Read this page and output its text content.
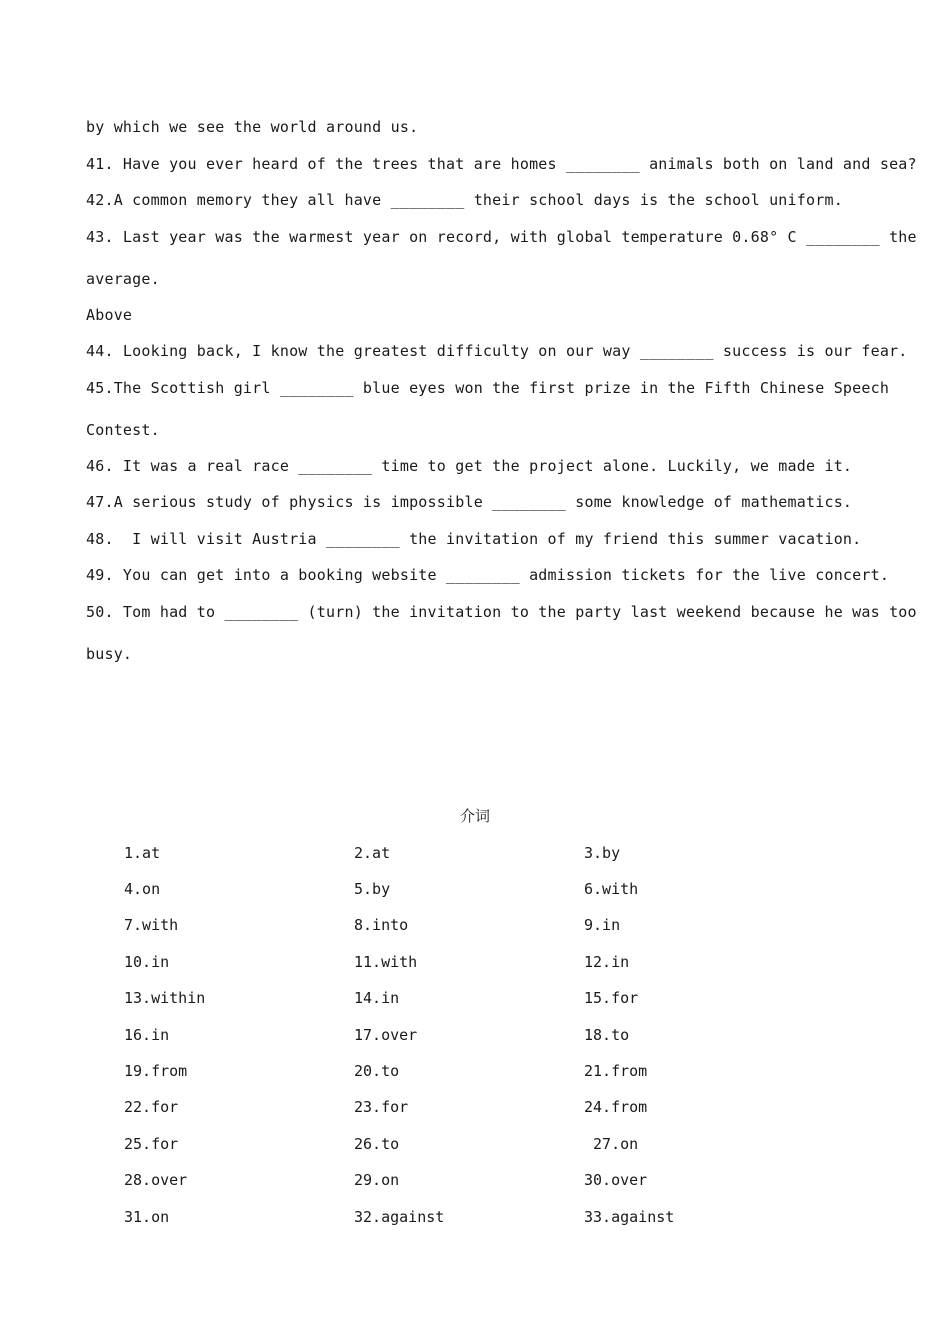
by which we see the world around us.
41. Have you ever heard of the trees that are homes ________ animals both on land and sea?
42.A common memory they all have ________ their school days is the school uniform.
43. Last year was the warmest year on record, with global temperature 0.68° C ________ the
average.
Above
44. Looking back, I know the greatest difficulty on our way ________ success is our fear.
45.The Scottish girl ________ blue eyes won the first prize in the Fifth Chinese Speech
Contest.
46. It was a real race ________ time to get the project alone. Luckily, we made it.
47.A serious study of physics is impossible ________ some knowledge of mathematics.
48.  I will visit Austria ________ the invitation of my friend this summer vacation.
49. You can get into a booking website ________ admission tickets for the live concert.
50. Tom had to ________ (turn) the invitation to the party last weekend because he was too
busy.
介词
1.at	2.at	3.by
4.on	5.by	6.with
7.with	8.into	9.in
10.in	11.with	12.in
13.within	14.in	15.for
16.in	17.over	18.to
19.from	20.to	21.from
22.for	23.for	24.from
25.for	26.to	27.on
28.over	29.on	30.over
31.on	32.against	33.against
